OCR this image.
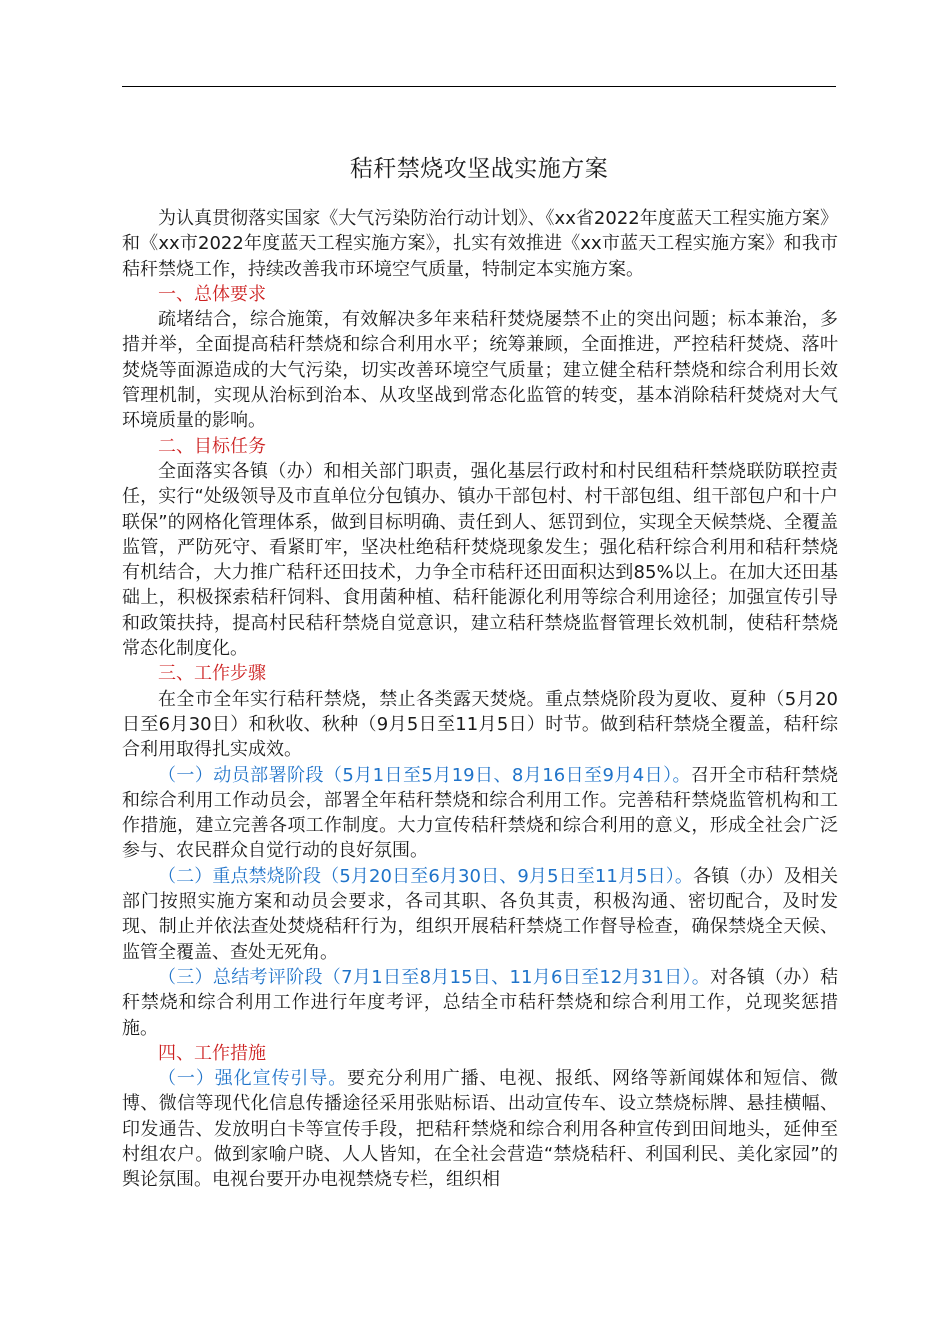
秸秆禁烧攻坚战实施方案

为认真贯彻落实国家《大气污染防治行动计划》、《xx省2022年度蓝天工程实施方案》和《xx市2022年度蓝天工程实施方案》，扎实有效推进《xx市蓝天工程实施方案》和我市秸秆禁烧工作，持续改善我市环境空气质量，特制定本实施方案。

一、总体要求

疏堵结合，综合施策，有效解决多年来秸秆焚烧屡禁不止的突出问题；标本兼治，多措并举，全面提高秸秆禁烧和综合利用水平；统筹兼顾，全面推进，严控秸秆焚烧、落叶焚烧等面源造成的大气污染，切实改善环境空气质量；建立健全秸秆禁烧和综合利用长效管理机制，实现从治标到治本、从攻坚战到常态化监管的转变，基本消除秸秆焚烧对大气环境质量的影响。

二、目标任务

全面落实各镇（办）和相关部门职责，强化基层行政村和村民组秸秆禁烧联防联控责任，实行“处级领导及市直单位分包镇办、镇办干部包村、村干部包组、组干部包户和十户联保”的网格化管理体系，做到目标明确、责任到人、惩罚到位，实现全天候禁烧、全覆盖监管，严防死守、看紧盯牢，坚决杜绝秸秆焚烧现象发生；强化秸秆综合利用和秸秆禁烧有机结合，大力推广秸秆还田技术，力争全市秸秆还田面积达到85%以上。在加大还田基础上，积极探索秸秆饲料、食用菌种植、秸秆能源化利用等综合利用途径；加强宣传引导和政策扶持，提高村民秸秆禁烧自觉意识，建立秸秆禁烧监督管理长效机制，使秸秆禁烧常态化制度化。

三、工作步骤

在全市全年实行秸秆禁烧，禁止各类露天焚烧。重点禁烧阶段为夏收、夏种（5月20日至6月30日）和秋收、秋种（9月5日至11月5日）时节。做到秸秆禁烧全覆盖，秸秆综合利用取得扎实成效。

（一）动员部署阶段（5月1日至5月19日、8月16日至9月4日）。召开全市秸秆禁烧和综合利用工作动员会，部署全年秸秆禁烧和综合利用工作。完善秸秆禁烧监管机构和工作措施，建立完善各项工作制度。大力宣传秸秆禁烧和综合利用的意义，形成全社会广泛参与、农民群众自觉行动的良好氛围。

（二）重点禁烧阶段（5月20日至6月30日、9月5日至11月5日）。各镇（办）及相关部门按照实施方案和动员会要求，各司其职、各负其责，积极沟通、密切配合，及时发现、制止并依法查处焚烧秸秆行为，组织开展秸秆禁烧工作督导检查，确保禁烧全天候、监管全覆盖、查处无死角。

（三）总结考评阶段（7月1日至8月15日、11月6日至12月31日）。对各镇（办）秸秆禁烧和综合利用工作进行年度考评，总结全市秸秆禁烧和综合利用工作，兑现奖惩措施。

四、工作措施

（一）强化宣传引导。要充分利用广播、电视、报纸、网络等新闻媒体和短信、微博、微信等现代化信息传播途径采用张贴标语、出动宣传车、设立禁烧标牌、悬挂横幅、印发通告、发放明白卡等宣传手段，把秸秆禁烧和综合利用各种宣传到田间地头，延伸至村组农户。做到家喻户晓、人人皆知，在全社会营造“禁烧秸秆、利国利民、美化家园”的舆论氛围。电视台要开办电视禁烧专栏，组织相
